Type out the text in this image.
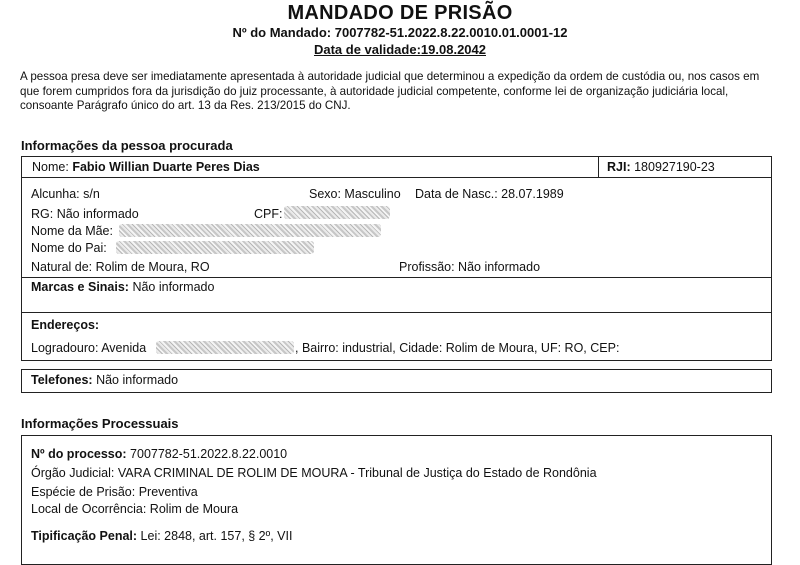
MANDADO DE PRISÃO
Nº do Mandado: 7007782-51.2022.8.22.0010.01.0001-12
Data de validade:19.08.2042
A pessoa presa deve ser imediatamente apresentada à autoridade judicial que determinou a expedição da ordem de custódia ou, nos casos em que forem cumpridos fora da jurisdição do juiz processante, à autoridade judicial competente, conforme lei de organização judiciária local, consoante Parágrafo único do art. 13 da Res. 213/2015 do CNJ.
Informações da pessoa procurada
Nome: Fabio Willian Duarte Peres Dias	RJI: 180927190-23
Alcunha: s/n	Sexo: Masculino Data de Nasc.: 28.07.1989
RG: Não informado	CPF:
Nome da Mãe:
Nome do Pai:
Natural de: Rolim de Moura, RO	Profissão: Não informado
Marcas e Sinais: Não informado
Endereços:
Logradouro: Avenida	, Bairro: industrial, Cidade: Rolim de Moura, UF: RO, CEP:
Telefones: Não informado
Informações Processuais
Nº do processo: 7007782-51.2022.8.22.0010
Órgão Judicial: VARA CRIMINAL DE ROLIM DE MOURA - Tribunal de Justiça do Estado de Rondônia
Espécie de Prisão: Preventiva
Local de Ocorrência: Rolim de Moura
Tipificação Penal: Lei: 2848, art. 157, § 2º, VII
